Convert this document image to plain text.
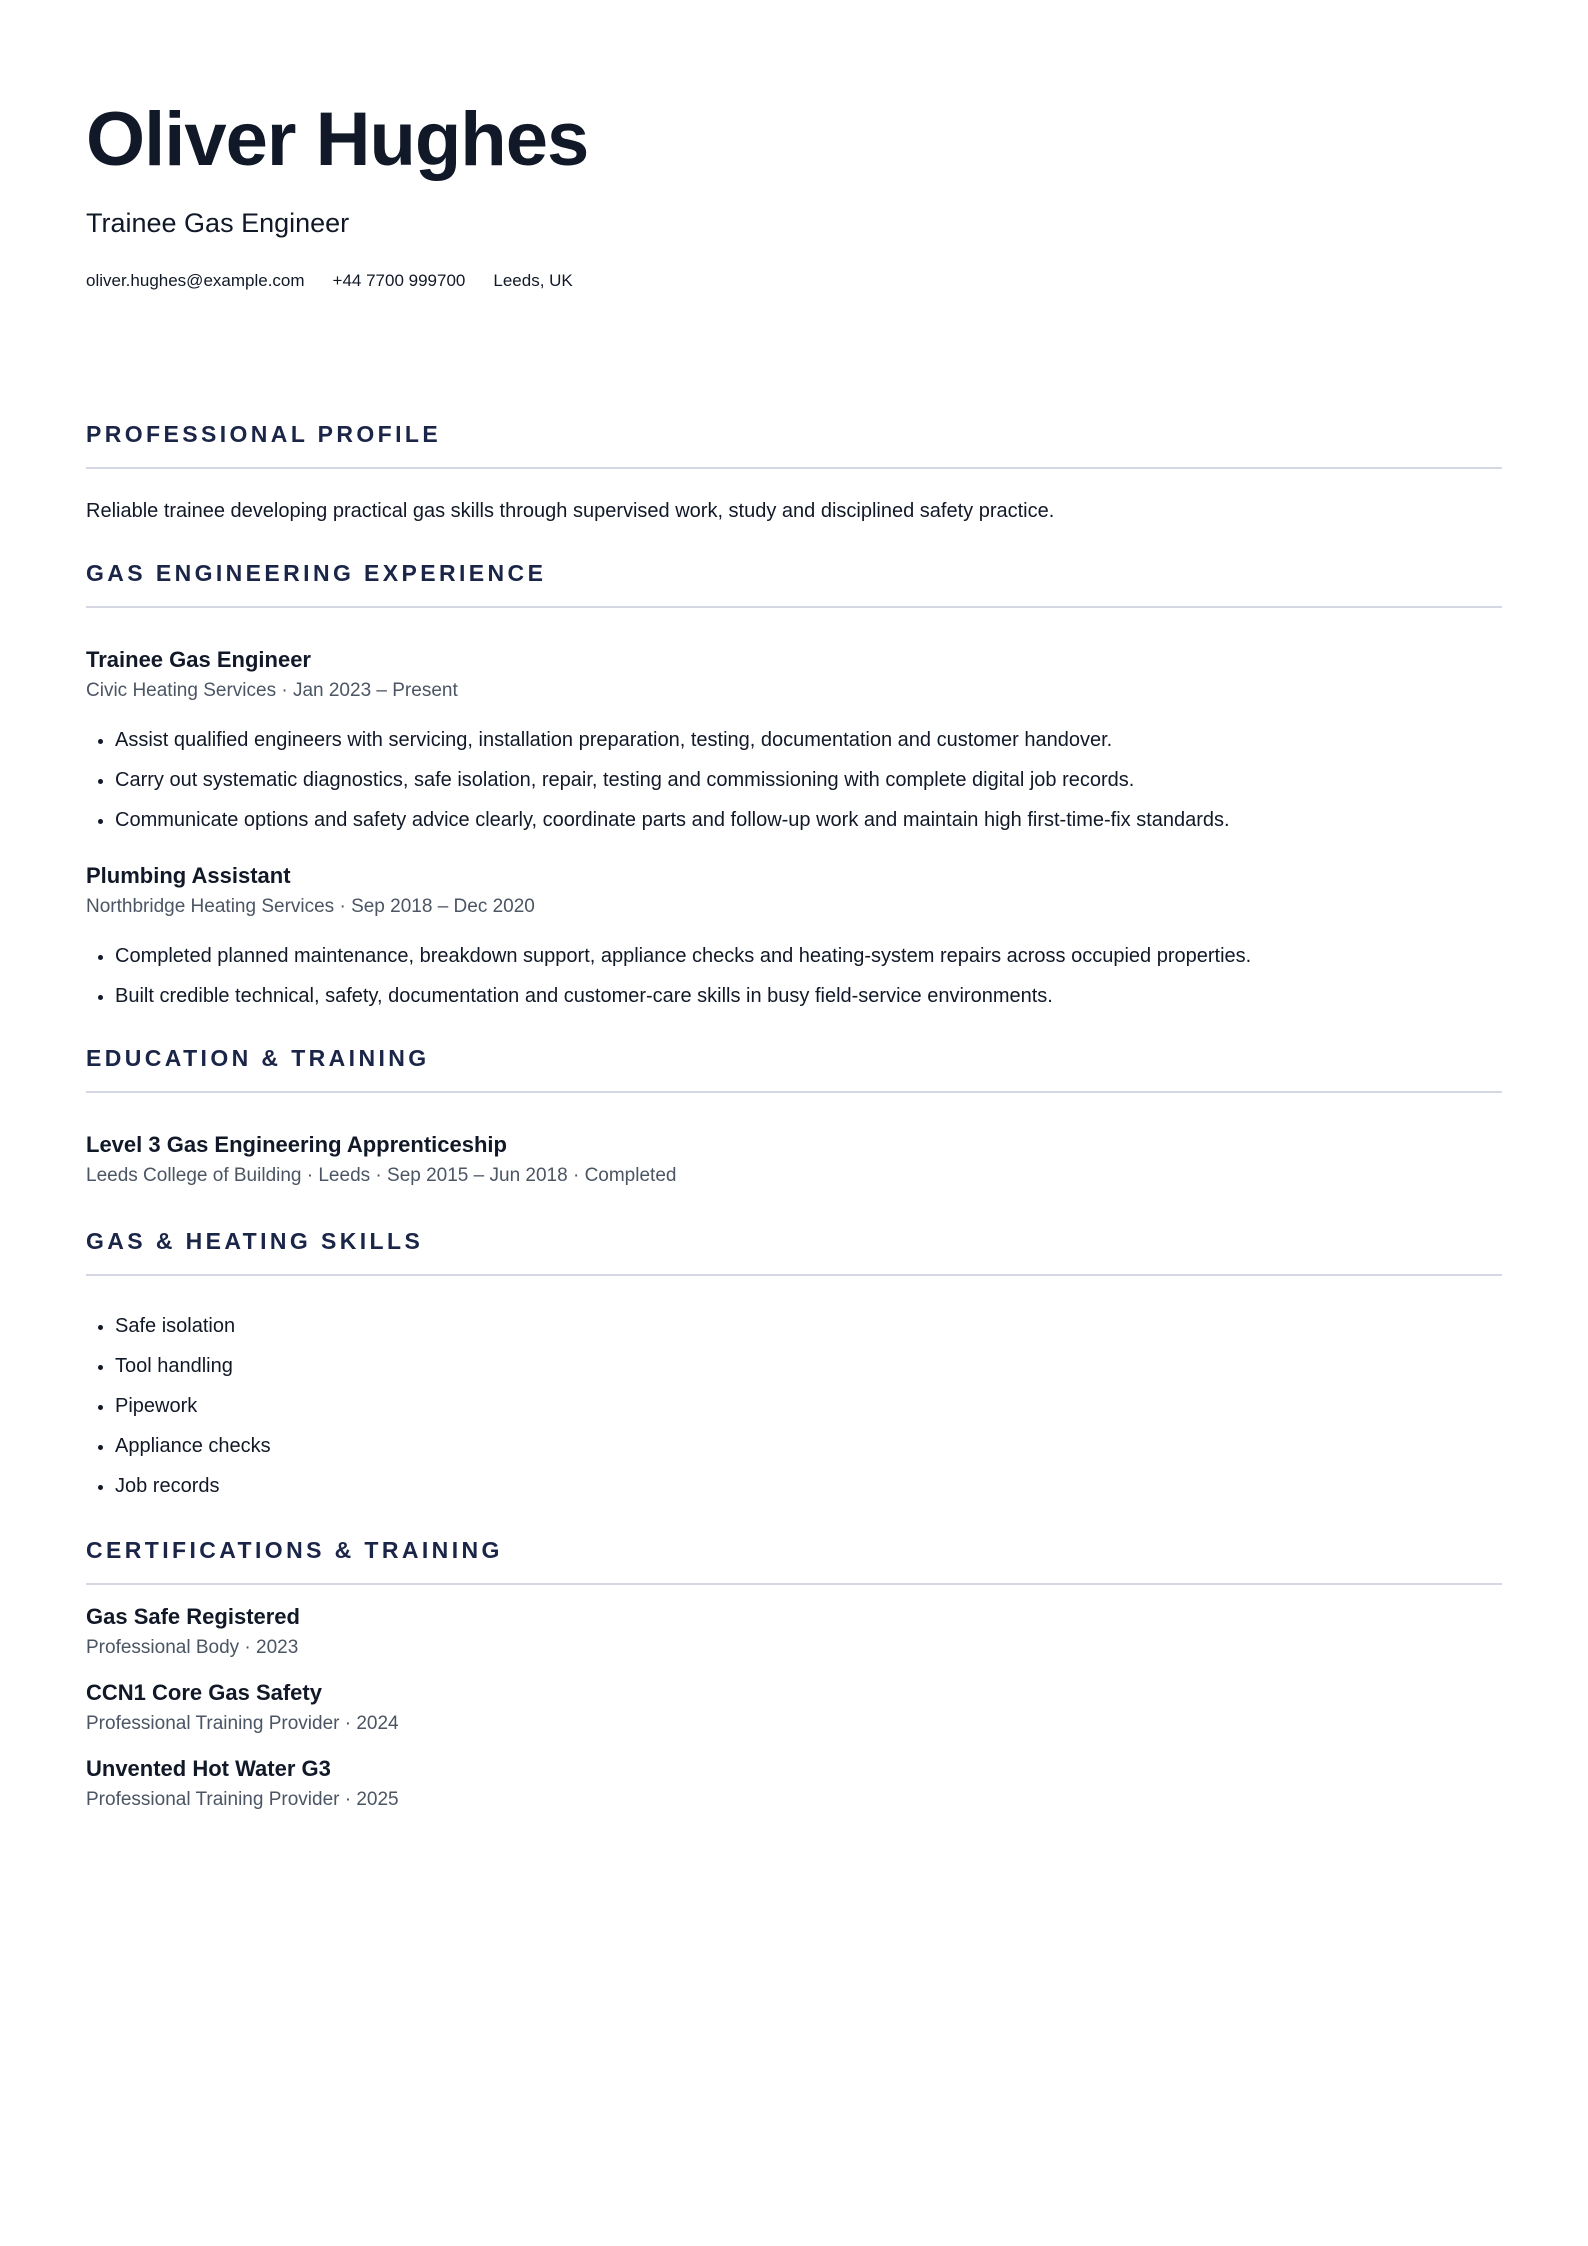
Oliver Hughes
Trainee Gas Engineer
oliver.hughes@example.com +44 7700 999700 Leeds, UK
PROFESSIONAL PROFILE
Reliable trainee developing practical gas skills through supervised work, study and disciplined safety practice.
GAS ENGINEERING EXPERIENCE
Trainee Gas Engineer
Civic Heating Services · Jan 2023 – Present
• Assist qualified engineers with servicing, installation preparation, testing, documentation and customer handover.
• Carry out systematic diagnostics, safe isolation, repair, testing and commissioning with complete digital job records.
• Communicate options and safety advice clearly, coordinate parts and follow-up work and maintain high first-time-fix standards.
Plumbing Assistant
Northbridge Heating Services · Sep 2018 – Dec 2020
• Completed planned maintenance, breakdown support, appliance checks and heating-system repairs across occupied properties.
• Built credible technical, safety, documentation and customer-care skills in busy field-service environments.
EDUCATION & TRAINING
Level 3 Gas Engineering Apprenticeship
Leeds College of Building · Leeds · Sep 2015 – Jun 2018 · Completed
GAS & HEATING SKILLS
• Safe isolation
• Tool handling
• Pipework
• Appliance checks
• Job records
CERTIFICATIONS & TRAINING
Gas Safe Registered
Professional Body · 2023
CCN1 Core Gas Safety
Professional Training Provider · 2024
Unvented Hot Water G3
Professional Training Provider · 2025
